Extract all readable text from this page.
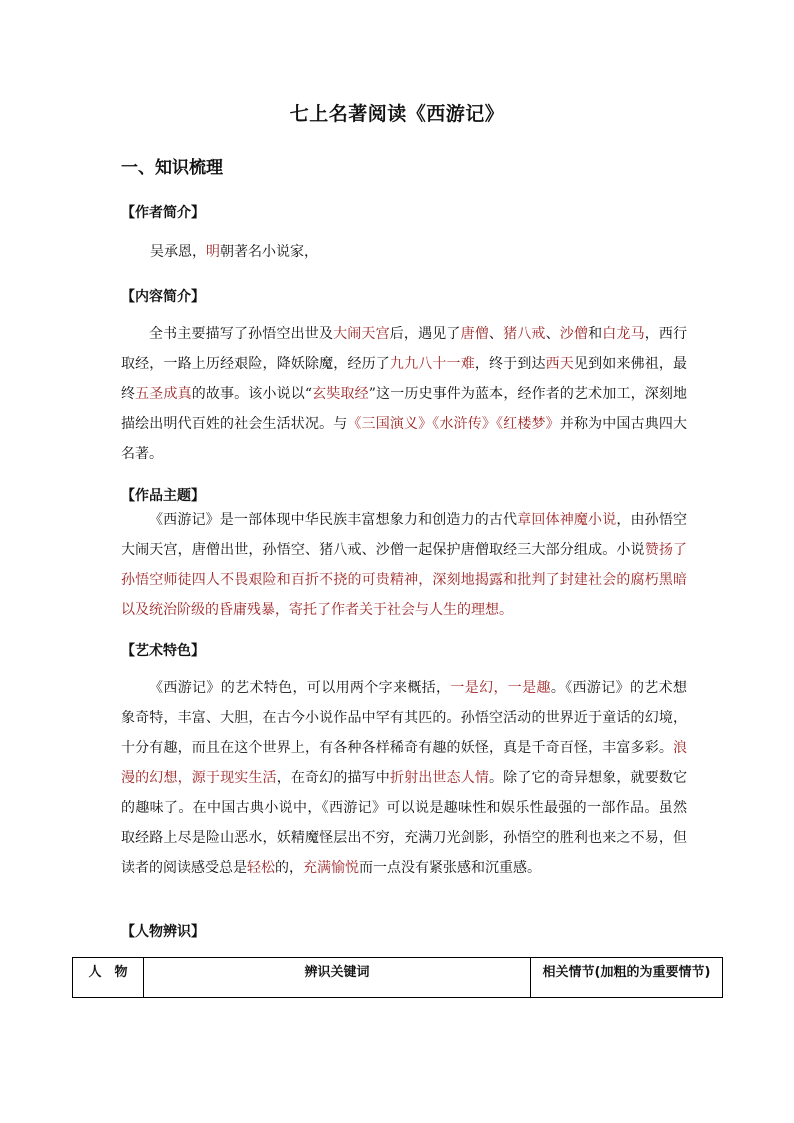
七上名著阅读《西游记》
一、知识梳理
【作者简介】
吴承恩，明朝著名小说家，
【内容简介】
全书主要描写了孙悟空出世及大闹天宫后，遇见了唐僧、猪八戒、沙僧和白龙马，西行取经，一路上历经艰险，降妖除魔，经历了九九八十一难，终于到达西天见到如来佛祖，最终五圣成真的故事。该小说以“玄奘取经”这一历史事件为蓝本，经作者的艺术加工，深刻地描绘出明代百姓的社会生活状况。与《三国演义》《水浒传》《红楼梦》并称为中国古典四大名著。
【作品主题】
《西游记》是一部体现中华民族丰富想象力和创造力的古代章回体神魔小说，由孙悟空大闹天宫，唐僧出世，孙悟空、猪八戒、沙僧一起保护唐僧取经三大部分组成。小说赞扬了孙悟空师徒四人不畏艰险和百折不挠的可贵精神，深刻地揭露和批判了封建社会的腐朽黑暗以及统治阶级的昏庸残暴，寄托了作者关于社会与人生的理想。
【艺术特色】
《西游记》的艺术特色，可以用两个字来概括，一是幻，一是趣。《西游记》的艺术想象奇特，丰富、大胆，在古今小说作品中罕有其匹的。孙悟空活动的世界近于童话的幻境，十分有趣，而且在这个世界上，有各种各样稀奇有趣的妖怪，真是千奇百怪，丰富多彩。浪漫的幻想，源于现实生活，在奇幻的描写中折射出世态人情。除了它的奇异想象，就要数它的趣味了。在中国古典小说中，《西游记》可以说是趣味性和娱乐性最强的一部作品。虽然取经路上尽是险山恶水，妖精魔怪层出不穷，充满刀光剑影，孙悟空的胜利也来之不易，但读者的阅读感受总是轻松的，充满愉悦而一点没有紧张感和沉重感。
【人物辨识】
人　物	辨识关键词	相关情节(加粗的为重要情节)
